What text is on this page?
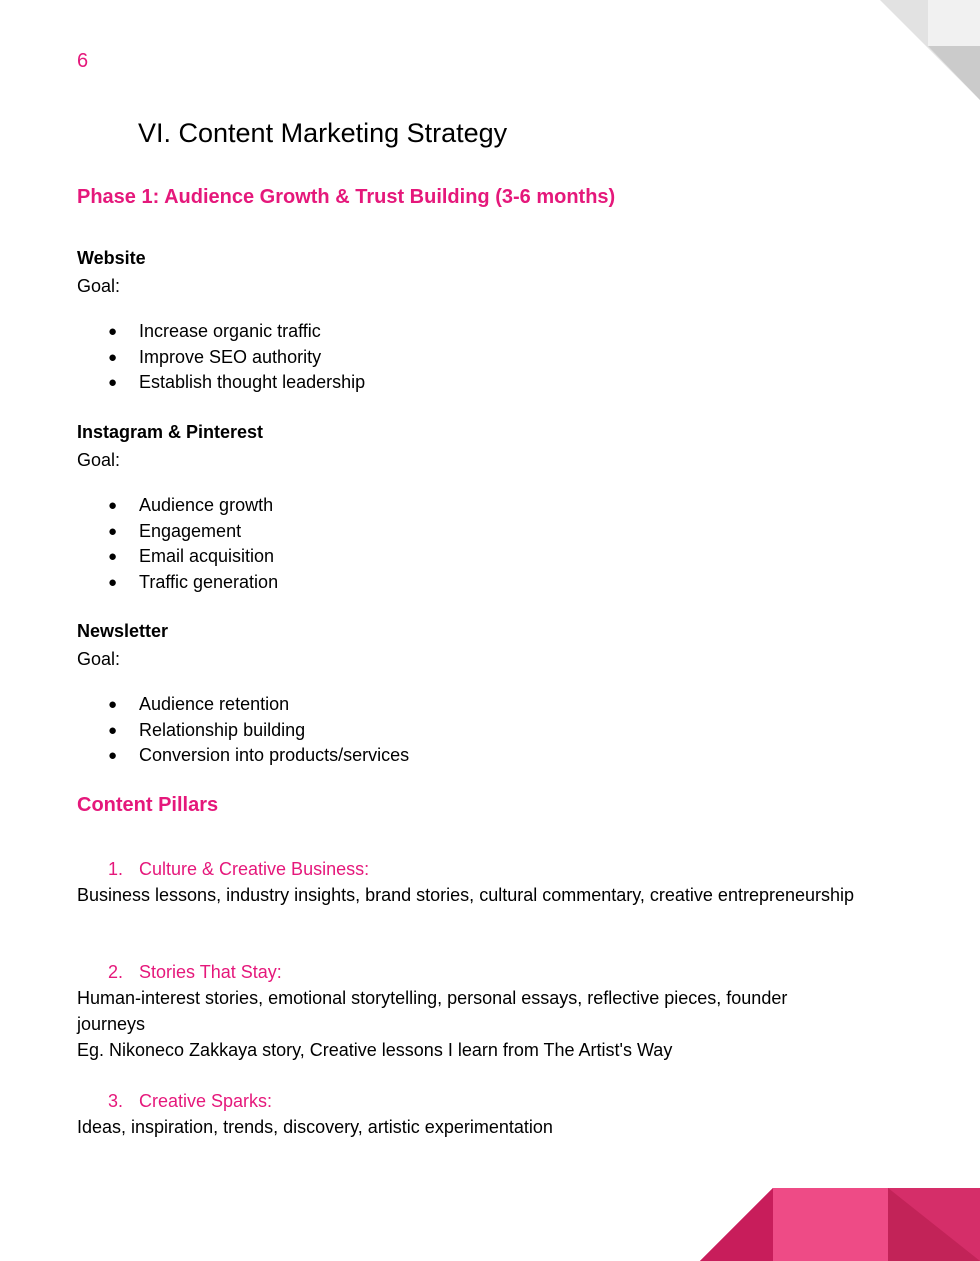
6
VI. Content Marketing Strategy
Phase 1: Audience Growth & Trust Building (3-6 months)
Website
Goal:
● Increase organic traffic
● Improve SEO authority
● Establish thought leadership
Instagram & Pinterest
Goal:
● Audience growth
● Engagement
● Email acquisition
● Traffic generation
Newsletter
Goal:
● Audience retention
● Relationship building
● Conversion into products/services
Content Pillars
1. Culture & Creative Business:
Business lessons, industry insights, brand stories, cultural commentary, creative entrepreneurship
2. Stories That Stay:
Human-interest stories, emotional storytelling, personal essays, reflective pieces, founder journeys
Eg. Nikoneco Zakkaya story, Creative lessons I learn from The Artist's Way
3. Creative Sparks:
Ideas, inspiration, trends, discovery, artistic experimentation
